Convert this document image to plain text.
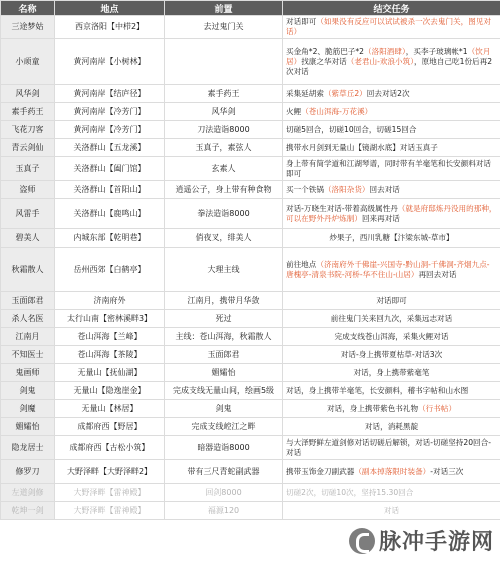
名称	地点	前置	结交任务
三途梦姑	西京洛阳【中栉2】	去过鬼门关	对话即可（如果没有反应可以试试被杀一次去鬼门关，图见对话）
小顽童	黄河南岸【小树林】		买金角*2、脆筋巴子*2（洛阳酒肆），买李子玻璃帐*1（饮月居）找康之华对话（老君山-欢浪小筑），原地自己吃1份后再2次对话
风华剑	黄河南岸【结庐径】	素手药王	采集延胡索（紫草丘2）回去对话2次
素手药王	黄河南岸【冷芳门】	风华剑	火鲤（苍山洱海-万花溪）
飞花刀客	黄河南岸【冷芳门】	刀法造诣8000	切磋5回合，切磋10回合，切磋15回合
青云剑仙	关洛群山【五龙溪】	玉真子，素弦人	携带水月剑到无量山【镜湖水底】对话玉真子
玉真子	关洛群山【阖门馆】	玄素人	身上带有简学道和江湖琴谱，同时带有羊毫笔和长安颜料对话即可
盗师	关洛群山【首阳山】	逍遥公子，身上带有种食物	买一个铁锅（洛阳杂货）回去对话
风雷手	关洛群山【鹿鸣山】	拳法造诣8000	对话-万晓生对话-带着高级属性丹（就是府邸炼丹没用的那种，可以在野外丹炉炼制）回来再对话
碧美人	内城东部【乾明巷】	俏夜叉，绯美人	炒果子，西川乳糖【汴梁东城-草市】
秋霜散人	岳州西郊【白鹤亭】	大理主线	前往地点（济南府外千佛崖-兴国寺-黔山洞-千佛洞-齐烟九点-唐槐亭-清泉书院-河桥-华不住山-山居）再回去对话
玉面郎君	济南府外	江南月，携带月华敛	对话即可
杀人名医	太行山南【密林溪畔3】	死过	前往鬼门关来回九次，采集远志对话
江南月	苍山洱海【兰峰】	主线：苍山洱海，秋霜散人	完成支线苍山洱海，采集火鲤对话
不知医士	苍山洱海【茶陵】	玉面郎君	对话-身上携带夏枯草-对话3次
鬼画师	无量山【抚仙湖】	媚孀怡	对话，身上携带紫毫笔
剑鬼	无量山【隐逸崖金】	完成支线无量山间，绘画5级	对话，身上携带羊毫笔，长安颜料，稽书字帖和山水图
剑魔	无量山【林居】	剑鬼	对话，身上携带紫色书礼物（行书帖）
媚孀怡	成都府西【野居】	完成支线崆江之畔	对话，消耗黑靛
隐龙居士	成都府西【古松小筑】	暗器造诣8000	与大泽野鲜左道剑修对话切磋后解锁，对话-切磋坚持20回合-对话
修罗刀	大野泽畔【大野泽畔2】	带有三尺青蛇副武器	携带玉饰金刀副武器（副本掉落限时装备）-对话三次
左道剑修	大野泽畔【雷神殿】	回剑8000	切磋2次，切磋10次，坚持15.30回合
乾坤一剑	大野泽畔【雷神殿】	福源120	对话
脉冲手游网
